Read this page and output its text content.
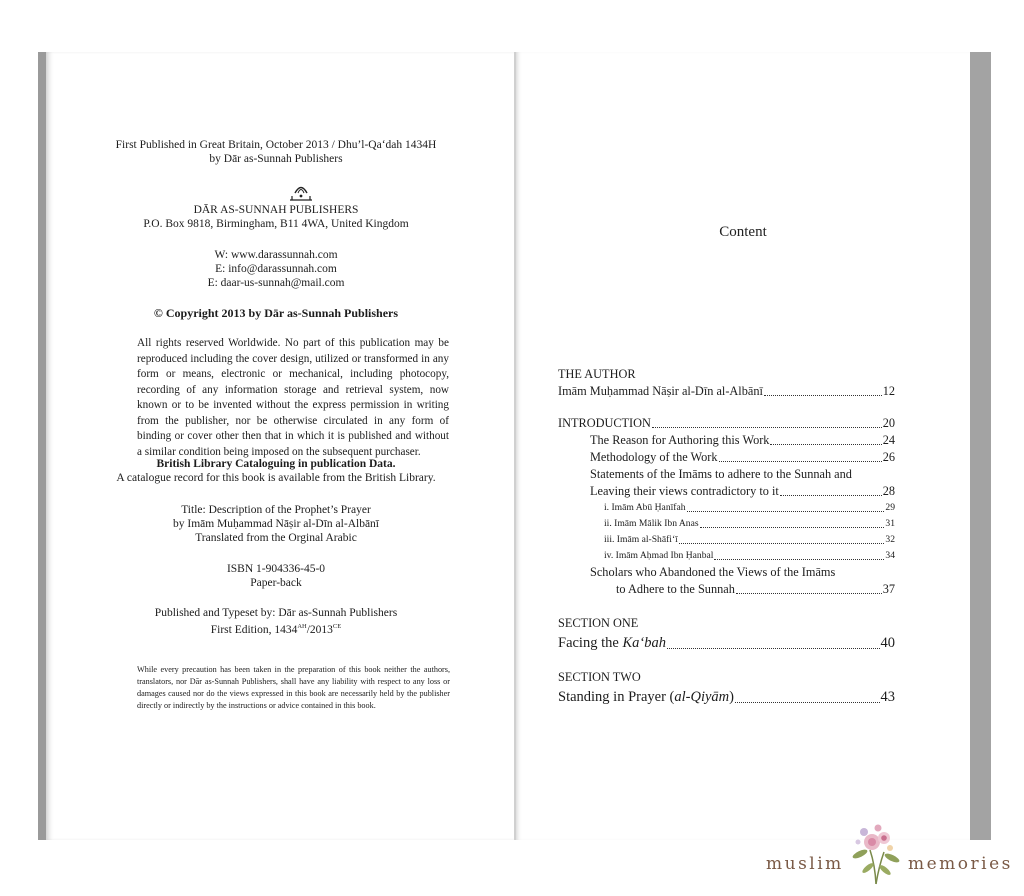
First Published in Great Britain, October 2013 / Dhu’l-Qa‘dah 1434H
by Dār as-Sunnah Publishers
DĀR AS-SUNNAH PUBLISHERS
P.O. Box 9818, Birmingham, B11 4WA, United Kingdom
W: www.darassunnah.com
E: info@darassunnah.com
E: daar-us-sunnah@mail.com
© Copyright 2013 by Dār as-Sunnah Publishers
All rights reserved Worldwide. No part of this publication may be reproduced including the cover design, utilized or transformed in any form or means, electronic or mechanical, including photocopy, recording of any information storage and retrieval system, now known or to be invented without the express permission in writing from the publisher, nor be otherwise circulated in any form of binding or cover other then that in which it is published and without a similar condition being imposed on the subsequent purchaser.
British Library Cataloguing in publication Data.
A catalogue record for this book is available from the British Library.
Title: Description of the Prophet’s Prayer
by Imām Muḥammad Nāṣir al-Dīn al-Albānī
Translated from the Orginal Arabic
ISBN 1-904336-45-0
Paper-back
Published and Typeset by: Dār as-Sunnah Publishers
First Edition, $1434^{AH}/2013^{CE}$
While every precaution has been taken in the preparation of this book neither the authors, translators, nor Dār as-Sunnah Publishers, shall have any liability with respect to any loss or damages caused nor do the views expressed in this book are necessarily held by the publisher directly or indirectly by the instructions or advice contained in this book.
Content
THE AUTHOR
Imām Muḥammad Nāṣir al-Dīn al-Albānī	12
INTRODUCTION	20
The Reason for Authoring this Work	24
Methodology of the Work	26
Statements of the Imāms to adhere to the Sunnah and
Leaving their views contradictory to it	28
i. Imām Abū Ḥanīfah	29
ii. Imām Mālik Ibn Anas	31
iii. Imām al-Shāfi‘ī	32
iv. Imām Aḥmad Ibn Ḥanbal	34
Scholars who Abandoned the Views of the Imāms
to Adhere to the Sunnah	37
SECTION ONE
Facing the Ka‘bah	40
SECTION TWO
Standing in Prayer (al-Qiyām)	43
muslim	memories
